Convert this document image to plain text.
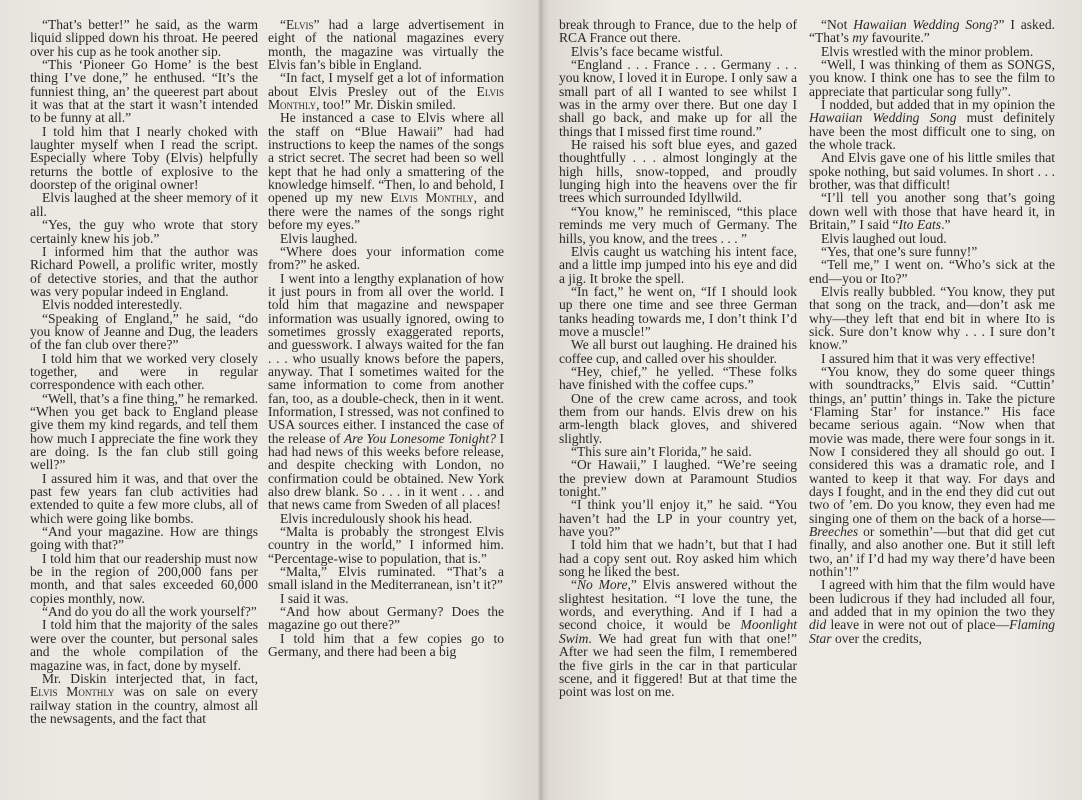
“That’s better!” he said, as the warm liquid slipped down his throat. He peered over his cup as he took another sip.

“This ‘Pioneer Go Home’ is the best thing I’ve done,” he enthused. “It’s the funniest thing, an’ the queerest part about it was that at the start it wasn’t intended to be funny at all.”

I told him that I nearly choked with laughter myself when I read the script. Especially where Toby (Elvis) helpfully returns the bottle of explosive to the doorstep of the original owner!

Elvis laughed at the sheer memory of it all.

“Yes, the guy who wrote that story certainly knew his job.”

I informed him that the author was Richard Powell, a prolific writer, mostly of detective stories, and that the author was very popular indeed in England.

Elvis nodded interestedly.

“Speaking of England,” he said, “do you know of Jeanne and Dug, the leaders of the fan club over there?”

I told him that we worked very closely together, and were in regular correspondence with each other.

“Well, that’s a fine thing,” he remarked. “When you get back to England please give them my kind regards, and tell them how much I appreciate the fine work they are doing. Is the fan club still going well?”

I assured him it was, and that over the past few years fan club activities had extended to quite a few more clubs, all of which were going like bombs.

“And your magazine. How are things going with that?”

I told him that our readership must now be in the region of 200,000 fans per month, and that sales exceeded 60,000 copies monthly, now.

“And do you do all the work yourself?”

I told him that the majority of the sales were over the counter, but personal sales and the whole compilation of the magazine was, in fact, done by myself.

Mr. Diskin interjected that, in fact, Elvis Monthly was on sale on every railway station in the country, almost all the newsagents, and the fact that

“Elvis” had a large advertisement in eight of the national magazines every month, the magazine was virtually the Elvis fan’s bible in England.

“In fact, I myself get a lot of information about Elvis Presley out of the Elvis Monthly, too!” Mr. Diskin smiled.

He instanced a case to Elvis where all the staff on “Blue Hawaii” had had instructions to keep the names of the songs a strict secret. The secret had been so well kept that he had only a smattering of the knowledge himself. “Then, lo and behold, I opened up my new Elvis Monthly, and there were the names of the songs right before my eyes.”

Elvis laughed.

“Where does your information come from?” he asked.

I went into a lengthy explanation of how it just pours in from all over the world. I told him that magazine and newspaper information was usually ignored, owing to sometimes grossly exaggerated reports, and guesswork. I always waited for the fan . . . who usually knows before the papers, anyway. That I sometimes waited for the same information to come from another fan, too, as a double-check, then in it went. Information, I stressed, was not confined to USA sources either. I instanced the case of the release of Are You Lonesome Tonight? I had had news of this weeks before release, and despite checking with London, no confirmation could be obtained. New York also drew blank. So . . . in it went . . . and that news came from Sweden of all places!

Elvis incredulously shook his head.

“Malta is probably the strongest Elvis country in the world,” I informed him. “Percentage-wise to population, that is.”

“Malta,” Elvis ruminated. “That’s a small island in the Mediterranean, isn’t it?”

I said it was.

“And how about Germany? Does the magazine go out there?”

I told him that a few copies go to Germany, and there had been a big

break through to France, due to the help of RCA France out there.

Elvis’s face became wistful.

“England . . . France . . . Germany . . . you know, I loved it in Europe. I only saw a small part of all I wanted to see whilst I was in the army over there. But one day I shall go back, and make up for all the things that I missed first time round.”

He raised his soft blue eyes, and gazed thoughtfully . . . almost longingly at the high hills, snow-topped, and proudly lunging high into the heavens over the fir trees which surrounded Idyllwild.

“You know,” he reminisced, “this place reminds me very much of Germany. The hills, you know, and the trees . . . ”

Elvis caught us watching his intent face, and a little imp jumped into his eye and did a jig. It broke the spell.

“In fact,” he went on, “If I should look up there one time and see three German tanks heading towards me, I don’t think I’d move a muscle!”

We all burst out laughing. He drained his coffee cup, and called over his shoulder.

“Hey, chief,” he yelled. “These folks have finished with the coffee cups.”

One of the crew came across, and took them from our hands. Elvis drew on his arm-length black gloves, and shivered slightly.

“This sure ain’t Florida,” he said.

“Or Hawaii,” I laughed. “We’re seeing the preview down at Paramount Studios tonight.”

“I think you’ll enjoy it,” he said. “You haven’t had the LP in your country yet, have you?”

I told him that we hadn’t, but that I had had a copy sent out. Roy asked him which song he liked the best.

“No More,” Elvis answered without the slightest hesitation. “I love the tune, the words, and everything. And if I had a second choice, it would be Moonlight Swim. We had great fun with that one!” After we had seen the film, I remembered the five girls in the car in that particular scene, and it figgered! But at that time the point was lost on me.

“Not Hawaiian Wedding Song?” I asked. “That’s my favourite.”

Elvis wrestled with the minor problem.

“Well, I was thinking of them as SONGS, you know. I think one has to see the film to appreciate that particular song fully”.

I nodded, but added that in my opinion the Hawaiian Wedding Song must definitely have been the most difficult one to sing, on the whole track.

And Elvis gave one of his little smiles that spoke nothing, but said volumes. In short . . . brother, was that difficult!

“I’ll tell you another song that’s going down well with those that have heard it, in Britain,” I said “Ito Eats.”

Elvis laughed out loud.

“Yes, that one’s sure funny!”

“Tell me,” I went on. “Who’s sick at the end—you or Ito?”

Elvis really bubbled. “You know, they put that song on the track, and—don’t ask me why—they left that end bit in where Ito is sick. Sure don’t know why . . . I sure don’t know.”

I assured him that it was very effective!

“You know, they do some queer things with soundtracks,” Elvis said. “Cuttin’ things, an’ puttin’ things in. Take the picture ‘Flaming Star’ for instance.” His face became serious again. “Now when that movie was made, there were four songs in it. Now I considered they all should go out. I considered this was a dramatic role, and I wanted to keep it that way. For days and days I fought, and in the end they did cut out two of ’em. Do you know, they even had me singing one of them on the back of a horse—Breeches or somethin’—but that did get cut finally, and also another one. But it still left two, an’ if I’d had my way there’d have been nothin’!”

I agreed with him that the film would have been ludicrous if they had included all four, and added that in my opinion the two they did leave in were not out of place—Flaming Star over the credits,
